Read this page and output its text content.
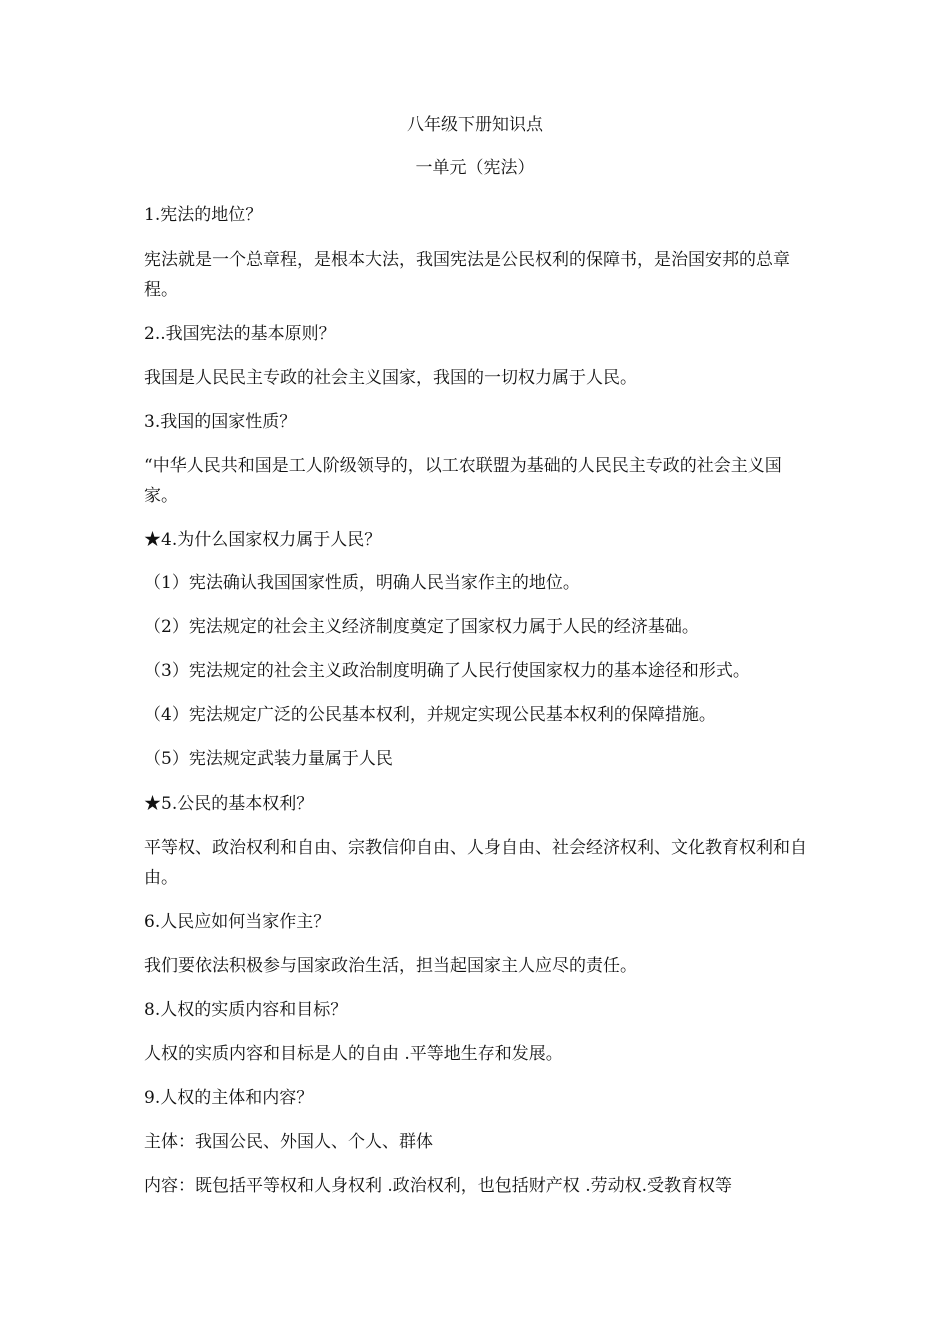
八年级下册知识点
一单元（宪法）

1.宪法的地位？

宪法就是一个总章程，是根本大法，我国宪法是公民权利的保障书，是治国安邦的总章程。

2..我国宪法的基本原则？

我国是人民民主专政的社会主义国家，我国的一切权力属于人民。

3.我国的国家性质？

“中华人民共和国是工人阶级领导的，以工农联盟为基础的人民民主专政的社会主义国家。

★4.为什么国家权力属于人民？

（1）宪法确认我国国家性质，明确人民当家作主的地位。

（2）宪法规定的社会主义经济制度奠定了国家权力属于人民的经济基础。

（3）宪法规定的社会主义政治制度明确了人民行使国家权力的基本途径和形式。

（4）宪法规定广泛的公民基本权利，并规定实现公民基本权利的保障措施。

（5）宪法规定武装力量属于人民

★5.公民的基本权利？

平等权、政治权利和自由、宗教信仰自由、人身自由、社会经济权利、文化教育权利和自由。

6.人民应如何当家作主？

我们要依法积极参与国家政治生活，担当起国家主人应尽的责任。

8.人权的实质内容和目标？

人权的实质内容和目标是人的自由 .平等地生存和发展。

9.人权的主体和内容？

主体：我国公民、外国人、个人、群体

内容：既包括平等权和人身权利 .政治权利，也包括财产权 .劳动权.受教育权等
